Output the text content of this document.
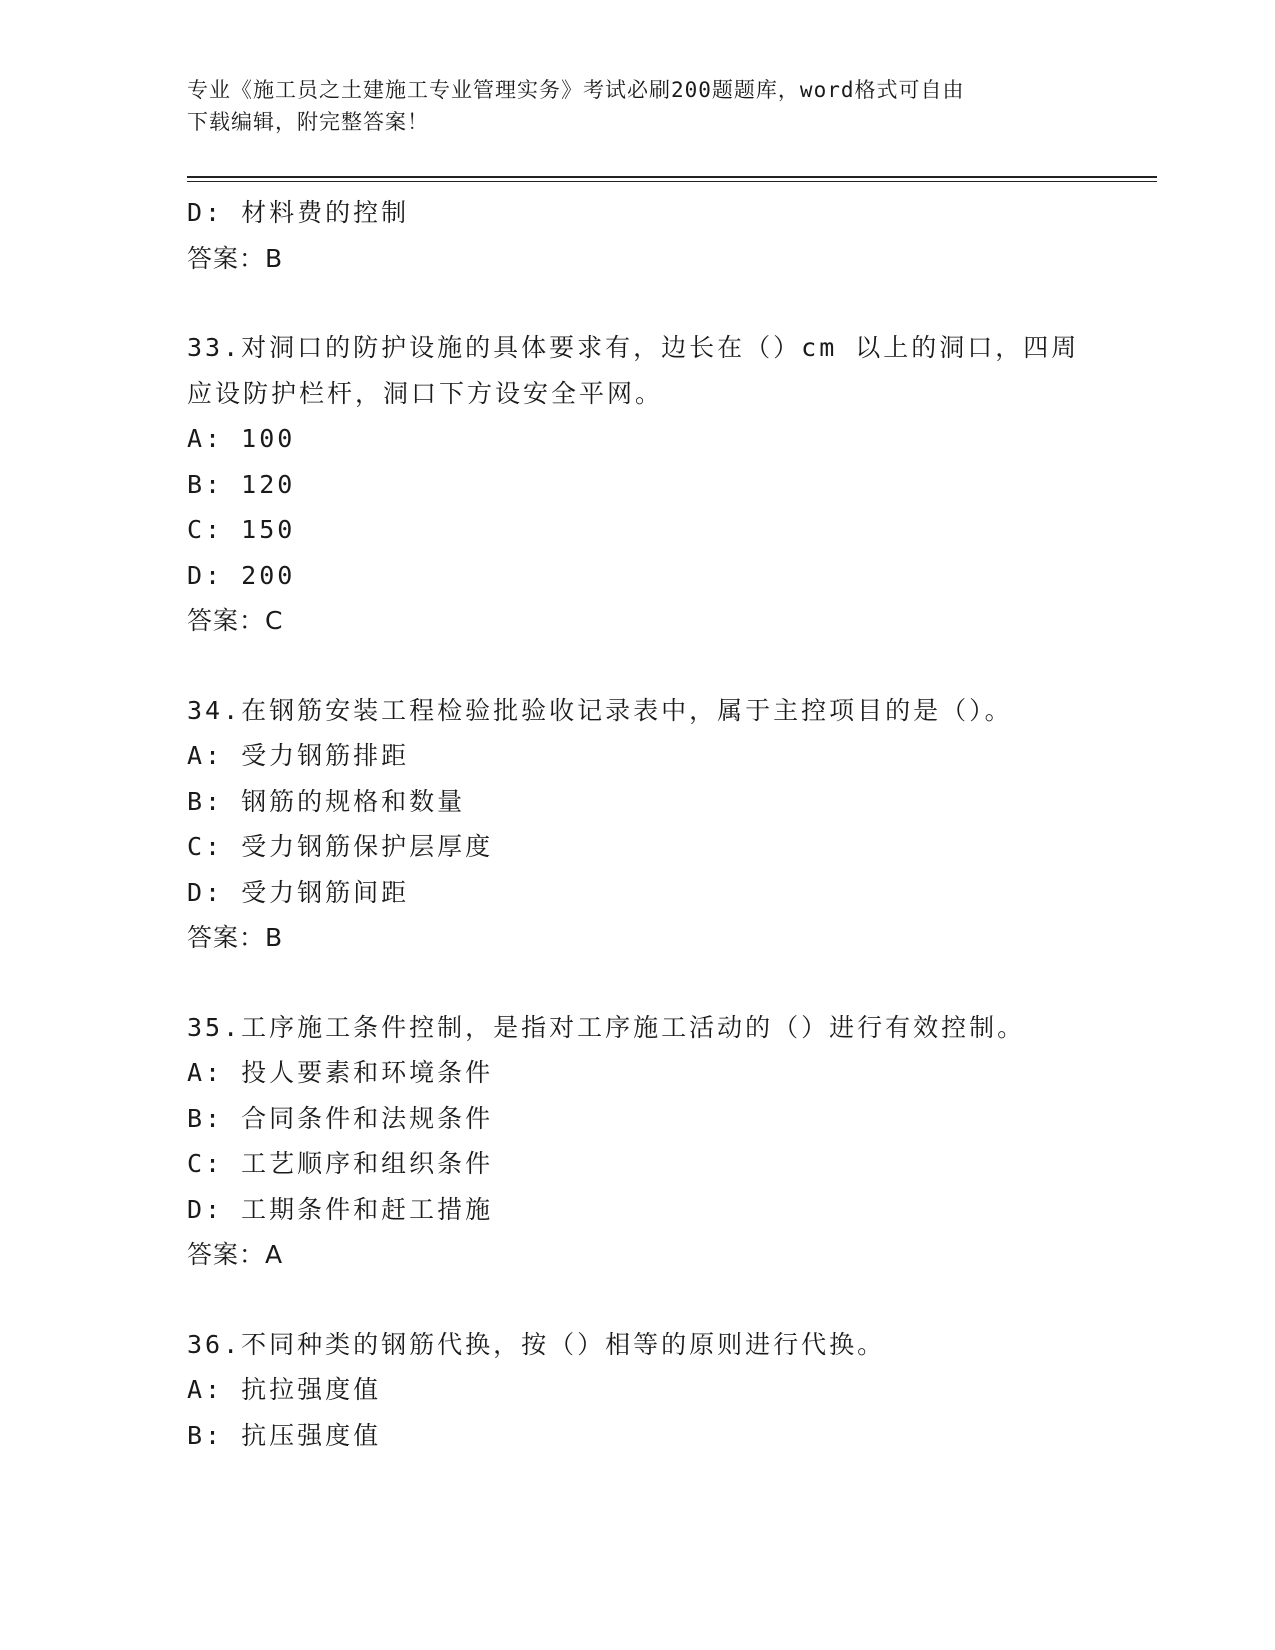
专业《施工员之土建施工专业管理实务》考试必刷200题题库，word格式可自由
下载编辑，附完整答案！
D: 材料费的控制
答案：B
33.对洞口的防护设施的具体要求有，边长在（）cm 以上的洞口，四周
应设防护栏杆，洞口下方设安全平网。
A: 100
B: 120
C: 150
D: 200
答案：C
34.在钢筋安装工程检验批验收记录表中，属于主控项目的是（）。
A: 受力钢筋排距
B: 钢筋的规格和数量
C: 受力钢筋保护层厚度
D: 受力钢筋间距
答案：B
35.工序施工条件控制，是指对工序施工活动的（）进行有效控制。
A: 投人要素和环境条件
B: 合同条件和法规条件
C: 工艺顺序和组织条件
D: 工期条件和赶工措施
答案：A
36.不同种类的钢筋代换，按（）相等的原则进行代换。
A: 抗拉强度值
B: 抗压强度值
